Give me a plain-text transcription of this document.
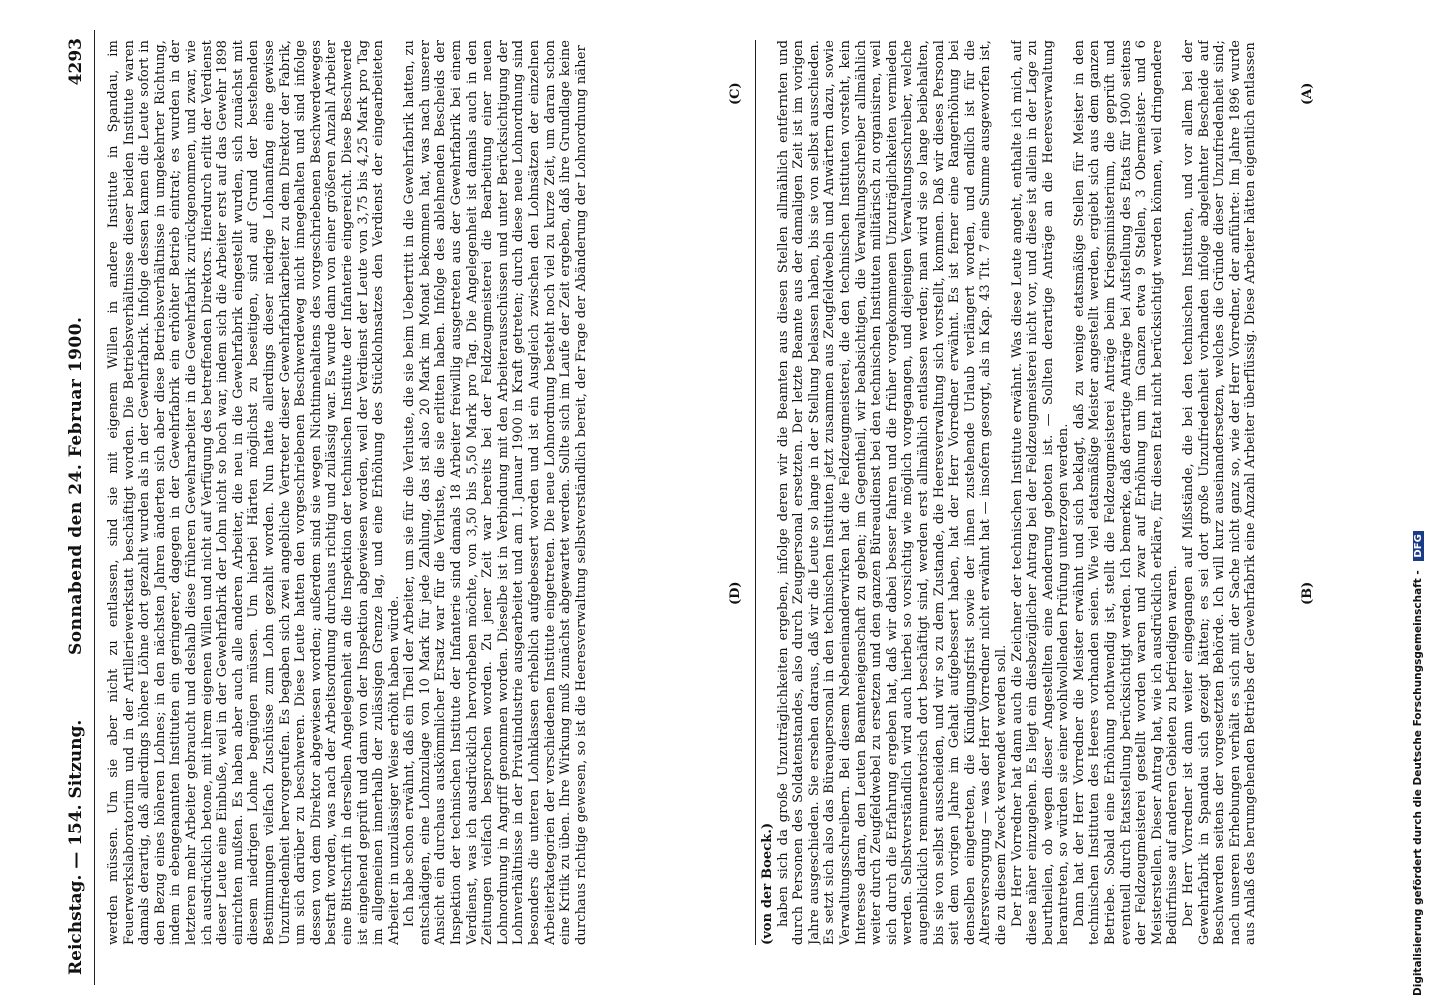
Reichstag. — 154. Sitzung.
Sonnabend den 24. Februar 1900.
4293

(von der Boeck.) haben sich da große Unzuträglichkeiten ergeben, infolge deren wir die Beamten aus diesen Stellen allmählich entfernten und durch Personen des Soldatenstandes, also durch Zeugpersonal ersetzten. Der letzte Beamte aus der damaligen Zeit ist im vorigen Jahre ausgeschieden. Sie ersehen daraus, daß wir die Leute so lange in der Stellung belassen haben, bis sie von selbst ausschieden. Es setzt sich also das Büreaupersonal in den technischen Instituten jetzt zusammen aus Zeugfeldwebeln und Anwärtern dazu, sowie Verwaltungsschreibern. Bei diesem Nebeneinanderwirken hat die Feldzeugmeisterei, die den technischen Instituten vorsteht, kein Interesse daran, den Leuten Beamteneigenschaft zu geben; im Gegentheil, wir beabsichtigen, die Verwaltungsschreiber allmählich weiter durch Zeugfeldwebel zu ersetzen und den ganzen Büreaudienst bei den technischen Instituten militärisch zu organisiren, weil sich durch die Erfahrung ergeben hat, daß wir dabei besser fahren und die früher vorgekommenen Unzuträglichkeiten vermieden werden. Selbstverständlich wird auch hierbei so vorsichtig wie möglich vorgegangen, und diejenigen Verwaltungsschreiber, welche augenblicklich remuneratorisch dort beschäftigt sind, werden erst allmählich entlassen werden; man wird sie so lange beibehalten, bis sie von selbst ausscheiden, und wir so zu dem Zustande, die Heeresverwaltung sich vorstellt, kommen. Daß wir dieses Personal seit dem vorigen Jahre im Gehalt aufgebessert haben, hat der Herr Vorredner erwähnt. Es ist ferner eine Rangerhöhung bei denselben eingetreten, die Kündigungsfrist sowie der ihnen zustehende Urlaub verlängert worden, und endlich ist für die Altersversorgung — was der Herr Vorredner nicht erwähnt hat — insofern gesorgt, als in Kap. 43 Tit. 7 eine Summe ausgeworfen ist, die zu diesem Zweck verwendet werden soll. Der Herr Vorredner hat dann auch die Zeichner der technischen Institute erwähnt. Was diese Leute angeht, enthalte ich mich, auf diese näher einzugehen. Es liegt ein diesbezüglicher Antrag bei der Feldzeugmeisterei nicht vor, und diese ist allein in der Lage zu beurtheilen, ob wegen dieser Angestellten eine Aenderung geboten ist. — Sollten derartige Anträge an die Heeresverwaltung herantreten, so würden sie einer wohlwollenden Prüfung unterzogen werden. Dann hat der Herr Vorredner die Meister erwähnt und sich beklagt, daß zu wenige etatsmäßige Stellen für Meister in den technischen Instituten des Heeres vorhanden seien. Wie viel etatsmäßige Meister angestellt werden, ergiebt sich aus dem ganzen Betriebe. Sobald eine Erhöhung nothwendig ist, stellt die Feldzeugmeisterei Anträge beim Kriegsministerium, die geprüft und eventuell durch Etatsstellung berücksichtigt werden. Ich bemerke, daß derartige Anträge bei Aufstellung des Etats für 1900 seitens der Feldzeugmeisterei gestellt worden waren und zwar auf Erhöhung um im Ganzen etwa 9 Stellen, 3 Obermeister- und 6 Meisterstellen. Dieser Antrag hat, wie ich ausdrücklich erkläre, für diesen Etat nicht berücksichtigt werden können, weil dringendere Bedürfnisse auf anderen Gebieten zu befriedigen waren. Der Herr Vorredner ist dann weiter eingegangen auf Mißstände, die bei den technischen Instituten, und vor allem bei der Gewehrfabrik in Spandau sich gezeigt hätten; es sei dort große Unzufriedenheit vorhanden infolge abgelehnter Bescheide auf Beschwerden seitens der vorgesetzten Behörde. Ich will kurz auseinandersetzen, welches die Gründe dieser Unzufriedenheit sind; nach unseren Erhebungen verhält es sich mit der Sache nicht ganz so, wie der Herr Vorredner, der anführte: Im Jahre 1896 wurde aus Anlaß des herumgehenden Betriebs der Gewehrfabrik eine Anzahl Arbeiter überflüssig. Diese Arbeiter hätten eigentlich entlassen

werden müssen. Um sie aber nicht zu entlassen, sind sie mit eigenem Willen in andere Institute in Spandau, im Feuerwerkslaboratorium und in der Artilleriewerkstatt beschäftigt worden. Die Betriebsverhältnisse dieser beiden Institute waren damals derartig, daß allerdings höhere Löhne dort gezahlt wurden als in der Gewehrfabrik. Infolge dessen kamen die Leute sofort in den Bezug eines höheren Lohnes; in den nächsten Jahren änderten sich aber diese Betriebsverhältnisse in umgekehrter Richtung, indem in ebengenannten Instituten ein geringerer, dagegen in der Gewehrfabrik ein erhöhter Betrieb eintrat; es wurden in der letzteren mehr Arbeiter gebraucht und deshalb diese früheren Gewehrarbeiter in die Gewehrfabrik zurückgenommen, und zwar, wie ich ausdrücklich betone, mit ihrem eigenen Willen und nicht auf Verfügung des betreffenden Direktors. Hierdurch erlitt der Verdienst dieser Leute eine Einbuße, weil in der Gewehrfabrik der Lohn nicht so hoch war, indem sich die Arbeiter erst auf das Gewehr 1898 einrichten mußten. Es haben aber auch alle anderen Arbeiter, die neu in die Gewehrfabrik eingestellt wurden, sich zunächst mit diesem niedrigen Lohne begnügen müssen. Um hierbei Härten möglichst zu beseitigen, sind auf Grund der bestehenden Bestimmungen vielfach Zuschüsse zum Lohn gezahlt worden. Nun hatte allerdings dieser niedrige Lohnanfang eine gewisse Unzufriedenheit hervorgerufen. Es begaben sich zwei angebliche Vertreter dieser Gewehrfabrikarbeiter zu dem Direktor der Fabrik, um sich darüber zu beschweren. Diese Leute hatten den vorgeschriebenen Beschwerdeweg nicht innegehalten und sind infolge dessen von dem Direktor abgewiesen worden; außerdem sind sie wegen Nichtinnehaltens des vorgeschriebenen Beschwerdeweges bestraft worden, was nach der Arbeitsordnung durchaus richtig und zulässig war. Es wurde dann von einer größeren Anzahl Arbeiter eine Bittschrift in derselben Angelegenheit an die Inspektion der technischen Institute der Infanterie eingereicht. Diese Beschwerde ist eingehend geprüft und dann von der Inspektion abgewiesen worden, weil der Verdienst der Leute von 3,75 bis 4,25 Mark pro Tag im allgemeinen innerhalb der zulässigen Grenze lag, und eine Erhöhung des Stücklohnsatzes den Verdienst der eingearbeiteten Arbeiter in unzulässiger Weise erhöht haben würde. Ich habe schon erwähnt, daß ein Theil der Arbeiter, um sie für die Verluste, die sie beim Uebertritt in die Gewehrfabrik hatten, zu entschädigen, eine Lohnzulage von 10 Mark für jede Zahlung, das ist also 20 Mark im Monat bekommen hat, was nach unserer Ansicht ein durchaus auskömmlicher Ersatz war für die Verluste, die sie erlitten haben. Infolge des ablehnenden Bescheids der Inspektion der technischen Institute der Infanterie sind damals 18 Arbeiter freiwillig ausgetreten aus der Gewehrfabrik bei einem Verdienst, was ich ausdrücklich hervorheben möchte, von 3,50 bis 5,50 Mark pro Tag. Die Angelegenheit ist damals auch in den Zeitungen vielfach besprochen worden. Zu jener Zeit war bereits bei der Feldzeugmeisterei die Bearbeitung einer neuen Lohnordnung in Angriff genommen worden. Dieselbe ist in Verbindung mit den Arbeiterausschüssen und unter Berücksichtigung der Lohnverhältnisse in der Privatindustrie ausgearbeitet und am 1. Januar 1900 in Kraft getreten; durch diese neue Lohnordnung sind besonders die unteren Lohnklassen erheblich aufgebessert worden und ist ein Ausgleich zwischen den Lohnsätzen der einzelnen Arbeiterkategorien der verschiedenen Institute eingetreten. Die neue Lohnordnung besteht noch viel zu kurze Zeit, um daran schon eine Kritik zu üben. Ihre Wirkung muß zunächst abgewartet werden. Sollte sich im Laufe der Zeit ergeben, daß ihre Grundlage keine durchaus richtige gewesen, so ist die Heeresverwaltung selbstverständlich bereit, der Frage der Abänderung der Lohnordnung näher	(A)
(B)
(C)
(D)	Digitalisierung gefördert durch die Deutsche Forschungsgemeinschaft - DFG
